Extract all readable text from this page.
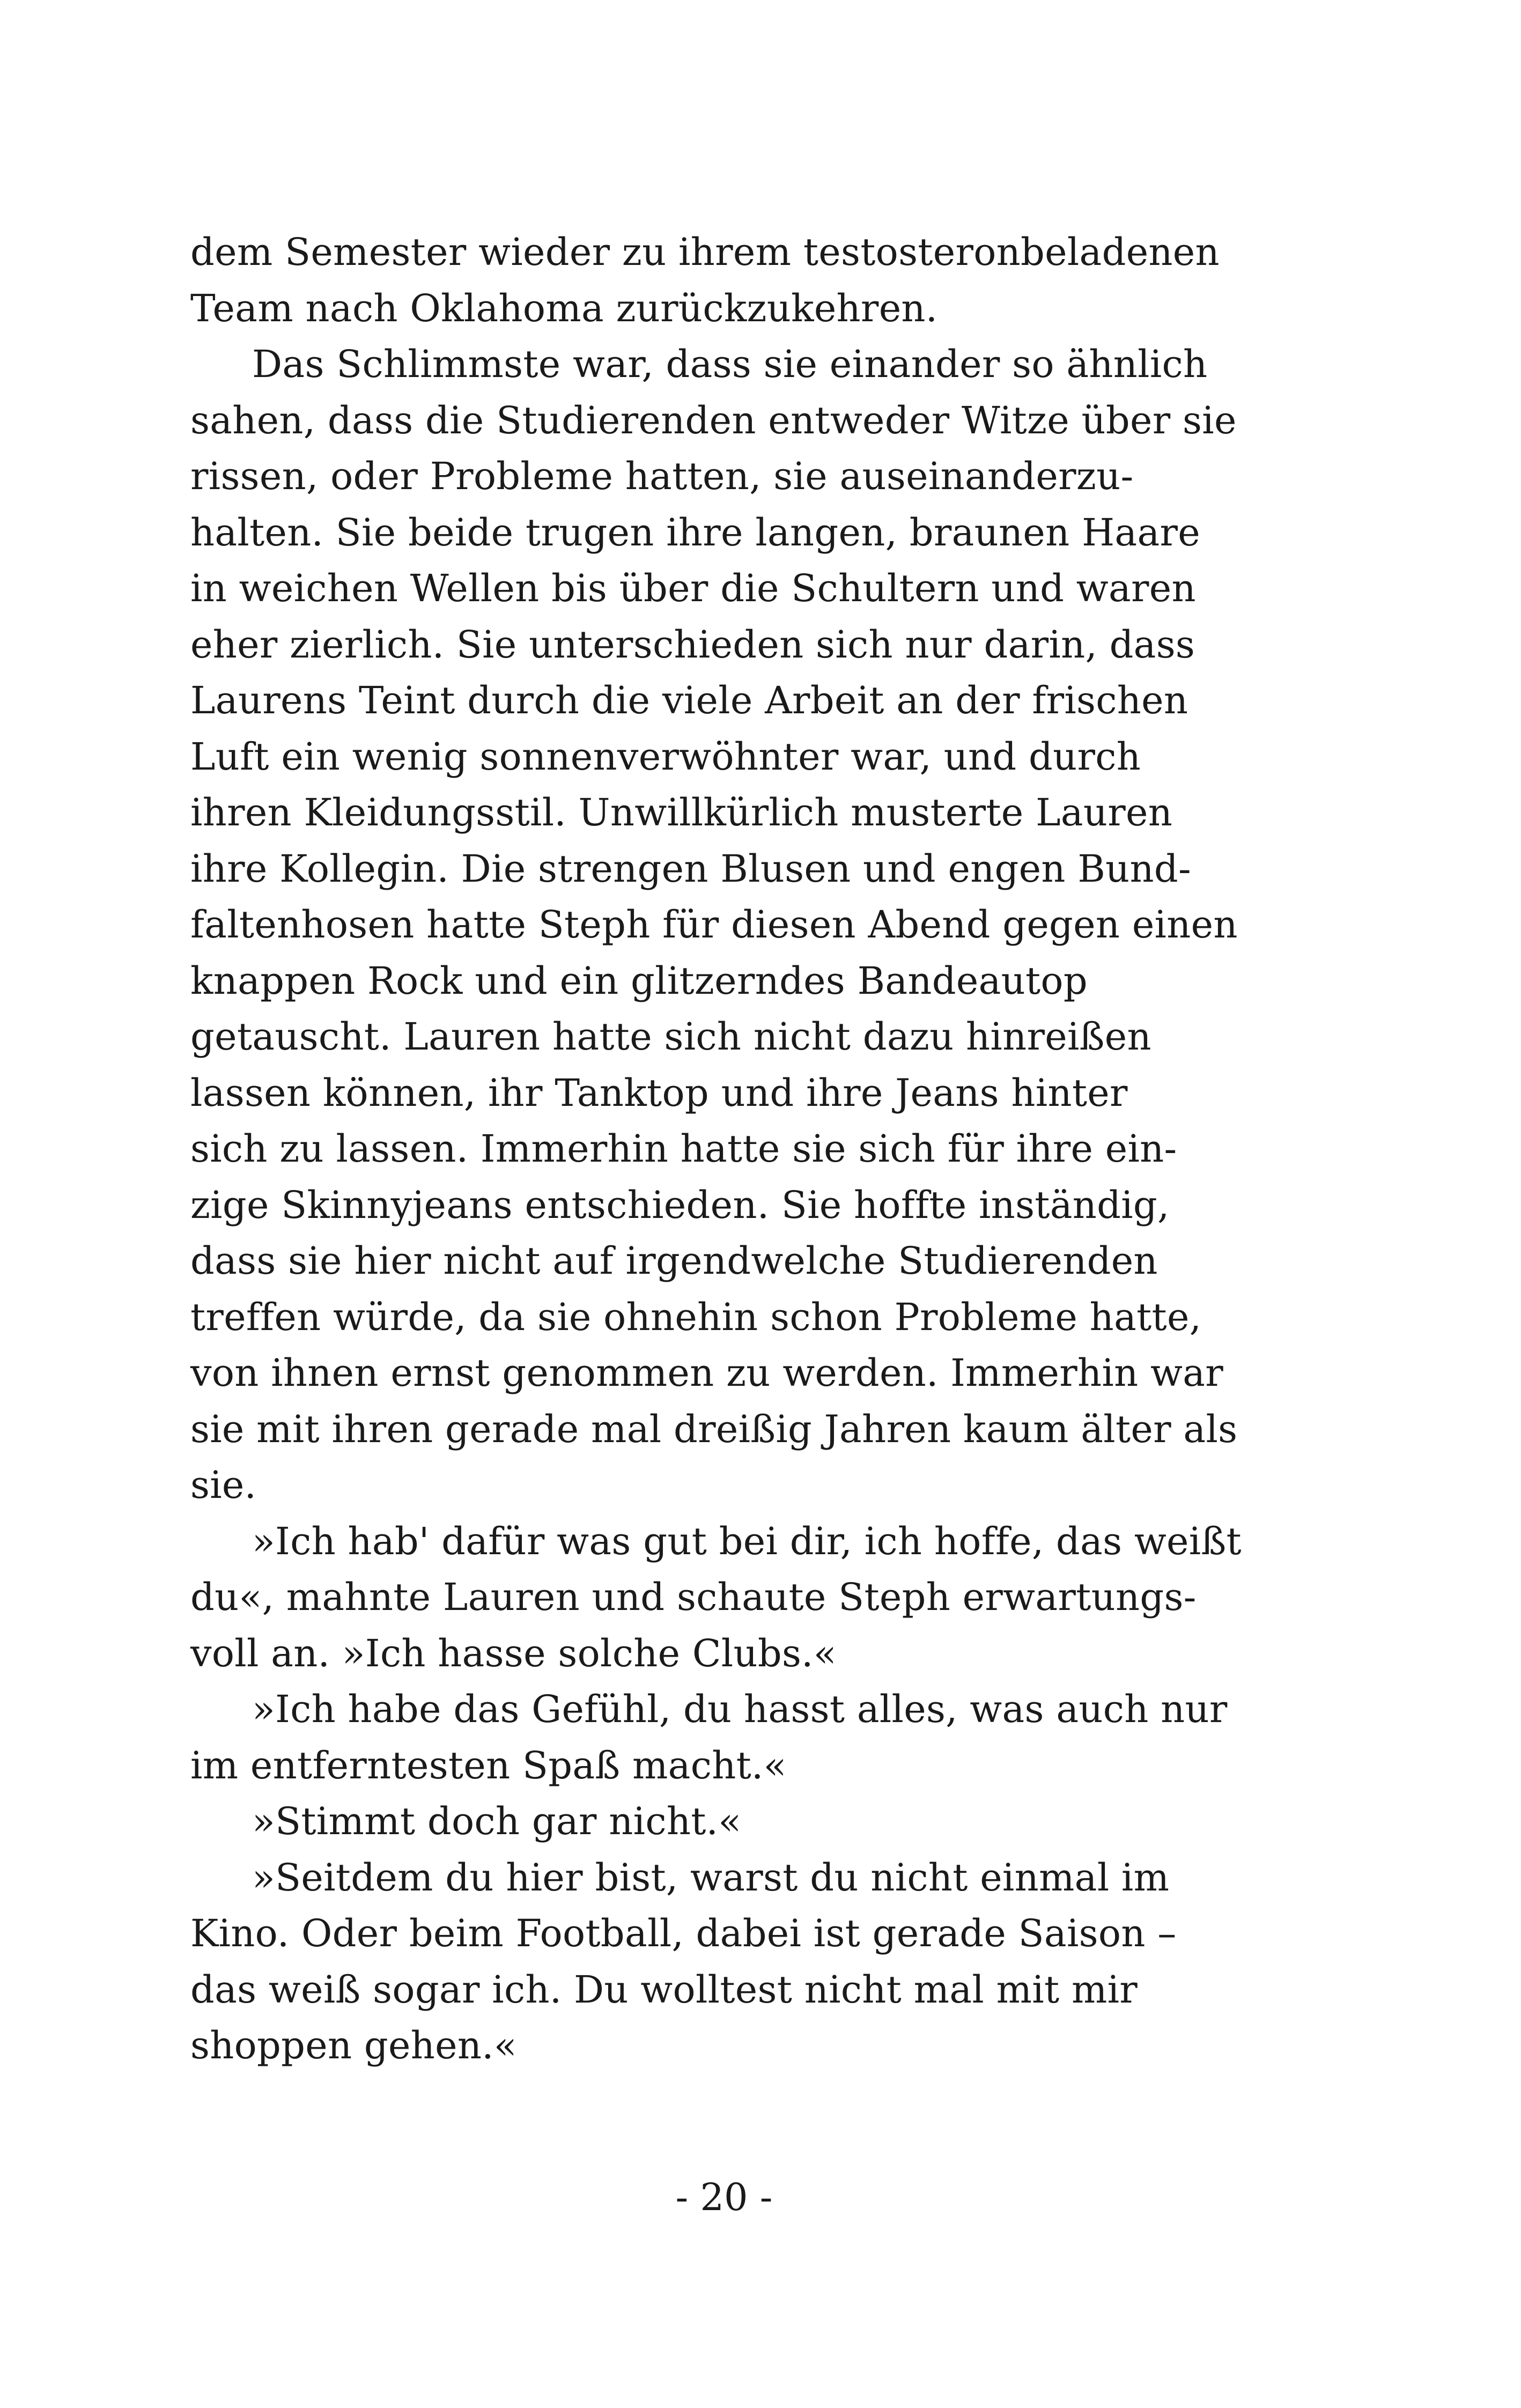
dem Semester wieder zu ihrem testosteronbeladenen
Team nach Oklahoma zurückzukehren.
Das Schlimmste war, dass sie einander so ähnlich
sahen, dass die Studierenden entweder Witze über sie
rissen, oder Probleme hatten, sie auseinanderzu-
halten. Sie beide trugen ihre langen, braunen Haare
in weichen Wellen bis über die Schultern und waren
eher zierlich. Sie unterschieden sich nur darin, dass
Laurens Teint durch die viele Arbeit an der frischen
Luft ein wenig sonnenverwöhnter war, und durch
ihren Kleidungsstil. Unwillkürlich musterte Lauren
ihre Kollegin. Die strengen Blusen und engen Bund-
faltenhosen hatte Steph für diesen Abend gegen einen
knappen Rock und ein glitzerndes Bandeautop
getauscht. Lauren hatte sich nicht dazu hinreißen
lassen können, ihr Tanktop und ihre Jeans hinter
sich zu lassen. Immerhin hatte sie sich für ihre ein-
zige Skinnyjeans entschieden. Sie hoffte inständig,
dass sie hier nicht auf irgendwelche Studierenden
treffen würde, da sie ohnehin schon Probleme hatte,
von ihnen ernst genommen zu werden. Immerhin war
sie mit ihren gerade mal dreißig Jahren kaum älter als
sie.
»Ich hab' dafür was gut bei dir, ich hoffe, das weißt
du«, mahnte Lauren und schaute Steph erwartungs-
voll an. »Ich hasse solche Clubs.«
»Ich habe das Gefühl, du hasst alles, was auch nur
im entferntesten Spaß macht.«
»Stimmt doch gar nicht.«
»Seitdem du hier bist, warst du nicht einmal im
Kino. Oder beim Football, dabei ist gerade Saison –
das weiß sogar ich. Du wolltest nicht mal mit mir
shoppen gehen.«
- 20 -
